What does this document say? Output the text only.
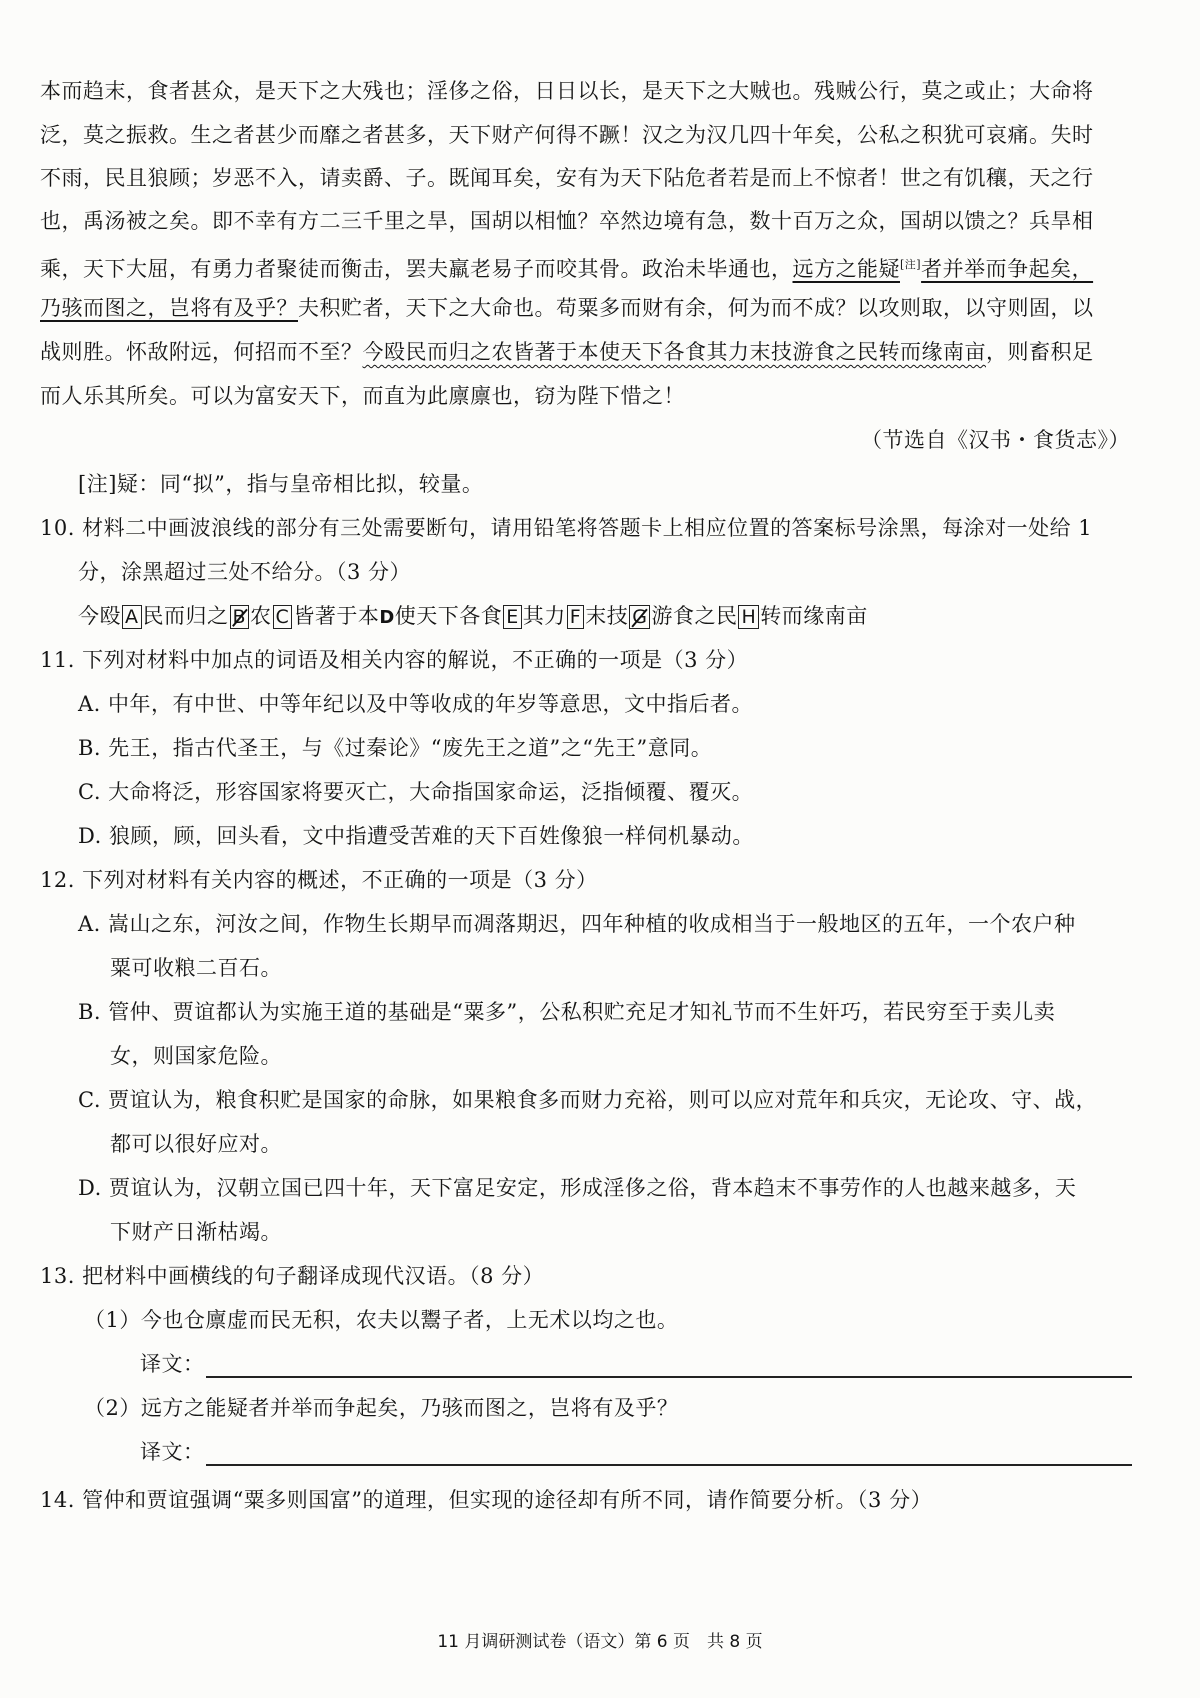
本而趋末，食者甚众，是天下之大残也；淫侈之俗，日日以长，是天下之大贼也。残贼公行，莫之或止；大命将
泛，莫之振救。生之者甚少而靡之者甚多，天下财产何得不蹶！汉之为汉几四十年矣，公私之积犹可哀痛。失时
不雨，民且狼顾；岁恶不入，请卖爵、子。既闻耳矣，安有为天下阽危者若是而上不惊者！世之有饥穰，天之行
也，禹汤被之矣。即不幸有方二三千里之旱，国胡以相恤？卒然边境有急，数十百万之众，国胡以馈之？兵旱相
乘，天下大屈，有勇力者聚徒而衡击，罢夫羸老易子而咬其骨。政治未毕通也，远方之能疑[注]者并举而争起矣，
乃骇而图之，岂将有及乎？夫积贮者，天下之大命也。苟粟多而财有余，何为而不成？以攻则取，以守则固，以
战则胜。怀敌附远，何招而不至？今殴民而归之农皆著于本使天下各食其力末技游食之民转而缘南亩，则畜积足
而人乐其所矣。可以为富安天下，而直为此廪廪也，窃为陛下惜之！
（节选自《汉书・食货志》）
[注]疑：同“拟”，指与皇帝相比拟，较量。
10. 材料二中画波浪线的部分有三处需要断句，请用铅笔将答题卡上相应位置的答案标号涂黑，每涂对一处给 1
分，涂黑超过三处不给分。（3 分）
今殴 A 民而归之 B 农 C 皆著于本D使天下各食 E 其力 F 末技 G 游食之民 H 转而缘南亩
11. 下列对材料中加点的词语及相关内容的解说，不正确的一项是（3 分）
A. 中年，有中世、中等年纪以及中等收成的年岁等意思，文中指后者。
B. 先王，指古代圣王，与《过秦论》“废先王之道”之“先王”意同。
C. 大命将泛，形容国家将要灭亡，大命指国家命运，泛指倾覆、覆灭。
D. 狼顾，顾，回头看，文中指遭受苦难的天下百姓像狼一样伺机暴动。
12. 下列对材料有关内容的概述，不正确的一项是（3 分）
A. 嵩山之东，河汝之间，作物生长期早而凋落期迟，四年种植的收成相当于一般地区的五年，一个农户种
粟可收粮二百石。
B. 管仲、贾谊都认为实施王道的基础是“粟多”，公私积贮充足才知礼节而不生奸巧，若民穷至于卖儿卖
女，则国家危险。
C. 贾谊认为，粮食积贮是国家的命脉，如果粮食多而财力充裕，则可以应对荒年和兵灾，无论攻、守、战，
都可以很好应对。
D. 贾谊认为，汉朝立国已四十年，天下富足安定，形成淫侈之俗，背本趋末不事劳作的人也越来越多，天
下财产日渐枯竭。
13. 把材料中画横线的句子翻译成现代汉语。（8 分）
（1）今也仓廪虚而民无积，农夫以鬻子者，上无术以均之也。
译文：
（2）远方之能疑者并举而争起矣，乃骇而图之，岂将有及乎？
译文：
14. 管仲和贾谊强调“粟多则国富”的道理，但实现的途径却有所不同，请作简要分析。（3 分）
11 月调研测试卷（语文）第 6 页　共 8 页
